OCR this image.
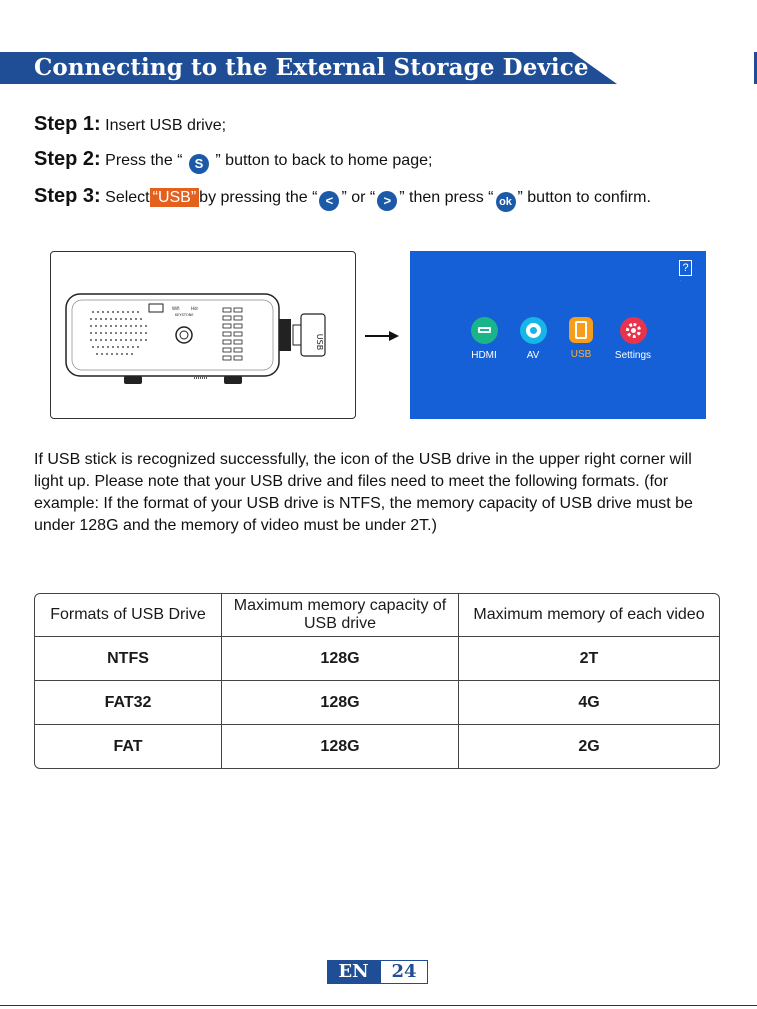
Connecting to the External Storage Device
Step 1: Insert USB drive;
Step 2: Press the “ S ” button to back to home page;
Step 3: Select “USB” by pressing the “ < ” or “ > ” then press “ ok ” button to confirm.
Wifi	Hdr
KEYSTONE
USB
?
·
HDMI	AV	USB	Settings
If USB stick is recognized successfully, the icon of the USB drive in the upper right corner will light up. Please note that your USB drive and files need to meet the following formats. (for example: If the format of your USB drive is NTFS, the memory capacity of USB drive must be under 128G and the memory of video must be under 2T.)
Formats of USB Drive	Maximum memory capacity of USB drive	Maximum memory of each video
NTFS	128G	2T
FAT32	128G	4G
FAT	128G	2G
EN	24
